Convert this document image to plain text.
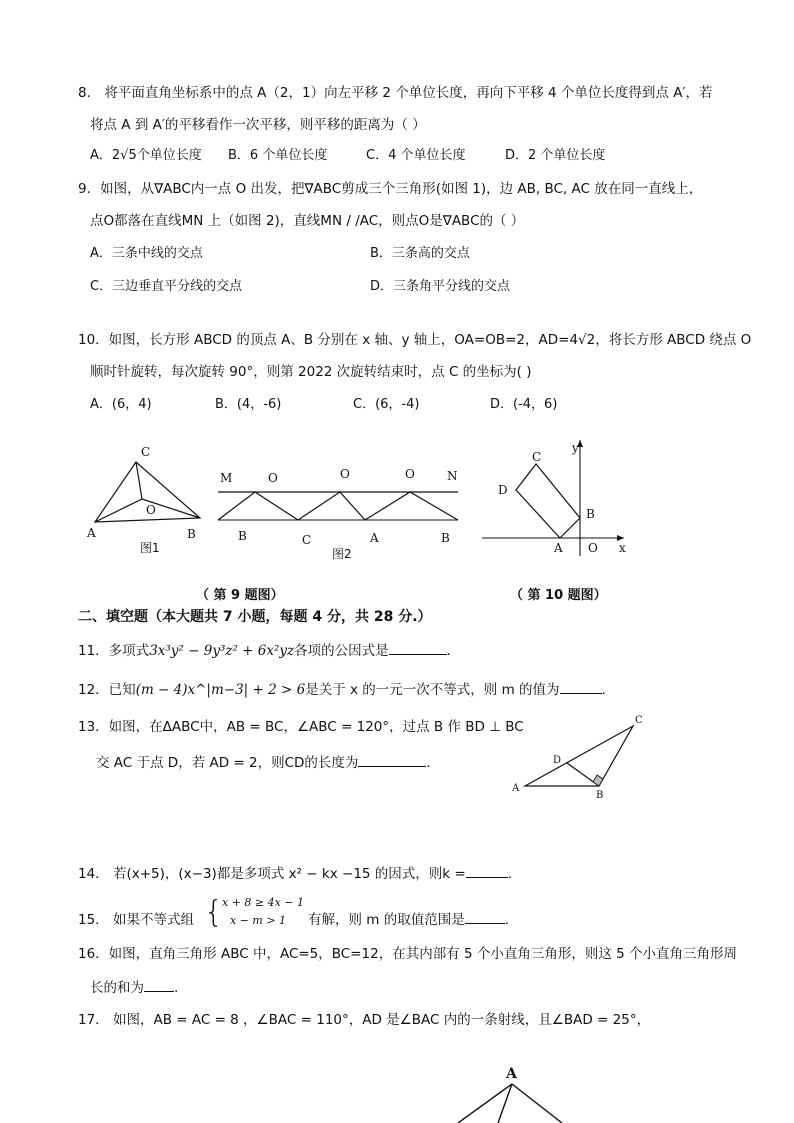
8． 将平面直角坐标系中的点 A（2，1）向左平移 2 个单位长度，再向下平移 4 个单位长度得到点 A′，若
将点 A 到 A′的平移看作一次平移，则平移的距离为（ ）
A．2√5个单位长度 B．6 个单位长度	C．4 个单位长度	D．2 个单位长度
9．如图，从∇ABC内一点 O 出发，把∇ABC剪成三个三角形(如图 1)，边 AB, BC, AC 放在同一直线上，
点O都落在直线MN 上（如图 2)，直线MN / /AC，则点O是∇ABC的（ ）
A．三条中线的交点	B．三条高的交点
C．三边垂直平分线的交点	D．三条角平分线的交点
10．如图，长方形 ABCD 的顶点 A、B 分别在 x 轴、y 轴上，OA=OB=2，AD=4√2，将长方形 ABCD 绕点 O
顺时针旋转，每次旋转 90°，则第 2022 次旋转结束时，点 C 的坐标为( )
A．(6，4)	B．(4，-6)	C．(6，-4)	D．(-4，6)
C
O
A	B
图1
M	O	O	O	N
B	C	A	B
图2
y
C
D
B
A O x
（ 第 9 题图）	（ 第 10 题图）
二、填空题（本大题共 7 小题，每题 4 分，共 28 分.）
11．多项式3x³y² − 9y³z² + 6x²yz各项的公因式是	.
12．已知(m − 4)x^|m−3| + 2 > 6是关于 x 的一元一次不等式，则 m 的值为	.
13．如图，在ΔABC中，AB = BC，∠ABC = 120°，过点 B 作 BD ⊥ BC
交 AC 于点 D，若 AD = 2，则CD的长度为	.
C
D
A
B
14． 若(x+5)，(x−3)都是多项式 x² − kx −15 的因式，则k =	.
15． 如果不等式组 {
x + 8 ≥ 4x − 1
x − m > 1 有解，则 m 的取值范围是	.
16．如图，直角三角形 ABC 中，AC=5，BC=12，在其内部有 5 个小直角三角形，则这 5 个小直角三角形周
长的和为 .
17． 如图，AB = AC = 8 ，∠BAC = 110°，AD 是∠BAC 内的一条射线，且∠BAD = 25°，
A
